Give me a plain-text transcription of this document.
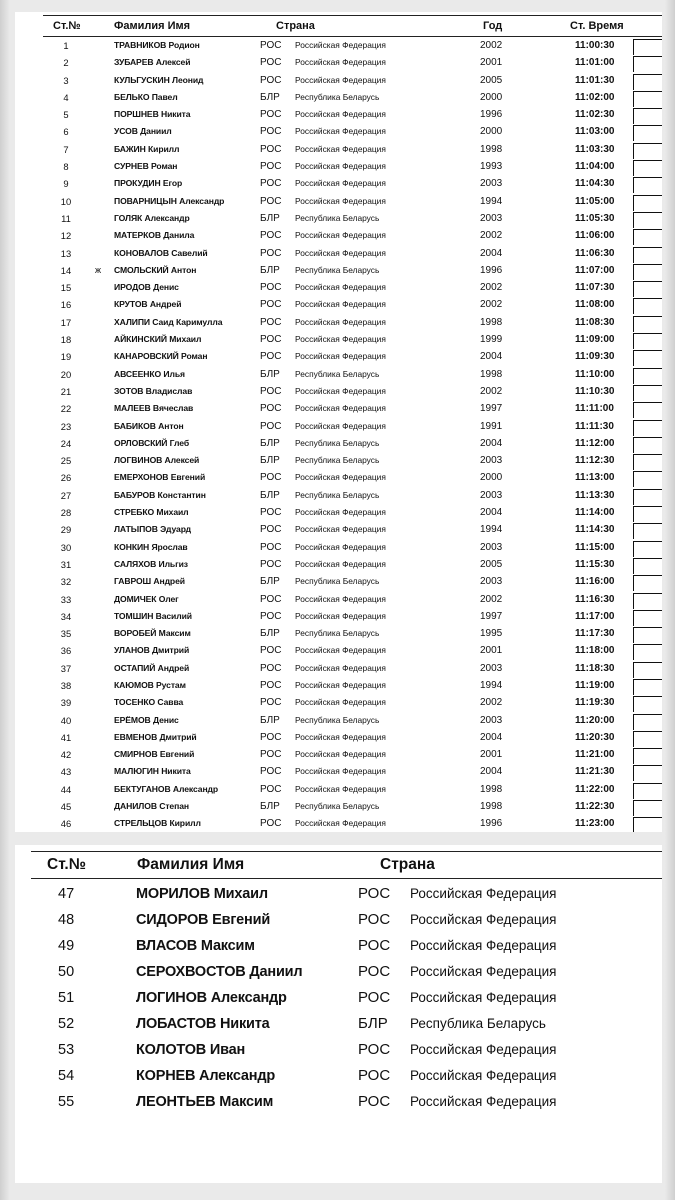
Ст.№	Фамилия Имя	Страна	Год	Ст. Время
1	ТРАВНИКОВ Родион	РОС Российская Федерация	2002	11:00:30
2	ЗУБАРЕВ Алексей	РОС Российская Федерация	2001	11:01:00
3	КУЛЬГУСКИН Леонид	РОС Российская Федерация	2005	11:01:30
4	БЕЛЬКО Павел	БЛР Республика Беларусь	2000	11:02:00
5	ПОРШНЕВ Никита	РОС Российская Федерация	1996	11:02:30
6	УСОВ Даниил	РОС Российская Федерация	2000	11:03:00
7	БАЖИН Кирилл	РОС Российская Федерация	1998	11:03:30
8	СУРНЕВ Роман	РОС Российская Федерация	1993	11:04:00
9	ПРОКУДИН Егор	РОС Российская Федерация	2003	11:04:30
10	ПОВАРНИЦЫН Александр	РОС Российская Федерация	1994	11:05:00
11	ГОЛЯК Александр	БЛР Республика Беларусь	2003	11:05:30
12	МАТЕРКОВ Данила	РОС Российская Федерация	2002	11:06:00
13	КОНОВАЛОВ Савелий	РОС Российская Федерация	2004	11:06:30
14	ж СМОЛЬСКИЙ Антон	БЛР Республика Беларусь	1996	11:07:00
15	ИРОДОВ Денис	РОС Российская Федерация	2002	11:07:30
16	КРУТОВ Андрей	РОС Российская Федерация	2002	11:08:00
17	ХАЛИПИ Саид Каримулла	РОС Российская Федерация	1998	11:08:30
18	АЙКИНСКИЙ Михаил	РОС Российская Федерация	1999	11:09:00
19	КАНАРОВСКИЙ Роман	РОС Российская Федерация	2004	11:09:30
20	АВСЕЕНКО Илья	БЛР Республика Беларусь	1998	11:10:00
21	ЗОТОВ Владислав	РОС Российская Федерация	2002	11:10:30
22	МАЛЕЕВ Вячеслав	РОС Российская Федерация	1997	11:11:00
23	БАБИКОВ Антон	РОС Российская Федерация	1991	11:11:30
24	ОРЛОВСКИЙ Глеб	БЛР Республика Беларусь	2004	11:12:00
25	ЛОГВИНОВ Алексей	БЛР Республика Беларусь	2003	11:12:30
26	ЕМЕРХОНОВ Евгений	РОС Российская Федерация	2000	11:13:00
27	БАБУРОВ Константин	БЛР Республика Беларусь	2003	11:13:30
28	СТРЕБКО Михаил	РОС Российская Федерация	2004	11:14:00
29	ЛАТЫПОВ Эдуард	РОС Российская Федерация	1994	11:14:30
30	КОНКИН Ярослав	РОС Российская Федерация	2003	11:15:00
31	САЛЯХОВ Ильгиз	РОС Российская Федерация	2005	11:15:30
32	ГАВРОШ Андрей	БЛР Республика Беларусь	2003	11:16:00
33	ДОМИЧЕК Олег	РОС Российская Федерация	2002	11:16:30
34	ТОМШИН Василий	РОС Российская Федерация	1997	11:17:00
35	ВОРОБЕЙ Максим	БЛР Республика Беларусь	1995	11:17:30
36	УЛАНОВ Дмитрий	РОС Российская Федерация	2001	11:18:00
37	ОСТАПИЙ Андрей	РОС Российская Федерация	2003	11:18:30
38	КАЮМОВ Рустам	РОС Российская Федерация	1994	11:19:00
39	ТОСЕНКО Савва	РОС Российская Федерация	2002	11:19:30
40	ЕРЁМОВ Денис	БЛР Республика Беларусь	2003	11:20:00
41	ЕВМЕНОВ Дмитрий	РОС Российская Федерация	2004	11:20:30
42	СМИРНОВ Евгений	РОС Российская Федерация	2001	11:21:00
43	МАЛЮГИН Никита	РОС Российская Федерация	2004	11:21:30
44	БЕКТУГАНОВ Александр	РОС Российская Федерация	1998	11:22:00
45	ДАНИЛОВ Степан	БЛР Республика Беларусь	1998	11:22:30
46	СТРЕЛЬЦОВ Кирилл	РОС Российская Федерация	1996	11:23:00
Ст.№	Фамилия Имя	Страна
47	МОРИЛОВ Михаил	РОС Российская Федерация
48	СИДОРОВ Евгений	РОС Российская Федерация
49	ВЛАСОВ Максим	РОС Российская Федерация
50	СЕРОХВОСТОВ Даниил	РОС Российская Федерация
51	ЛОГИНОВ Александр	РОС Российская Федерация
52	ЛОБАСТОВ Никита	БЛР Республика Беларусь
53	КОЛОТОВ Иван	РОС Российская Федерация
54	КОРНЕВ Александр	РОС Российская Федерация
55	ЛЕОНТЬЕВ Максим	РОС Российская Федерация
